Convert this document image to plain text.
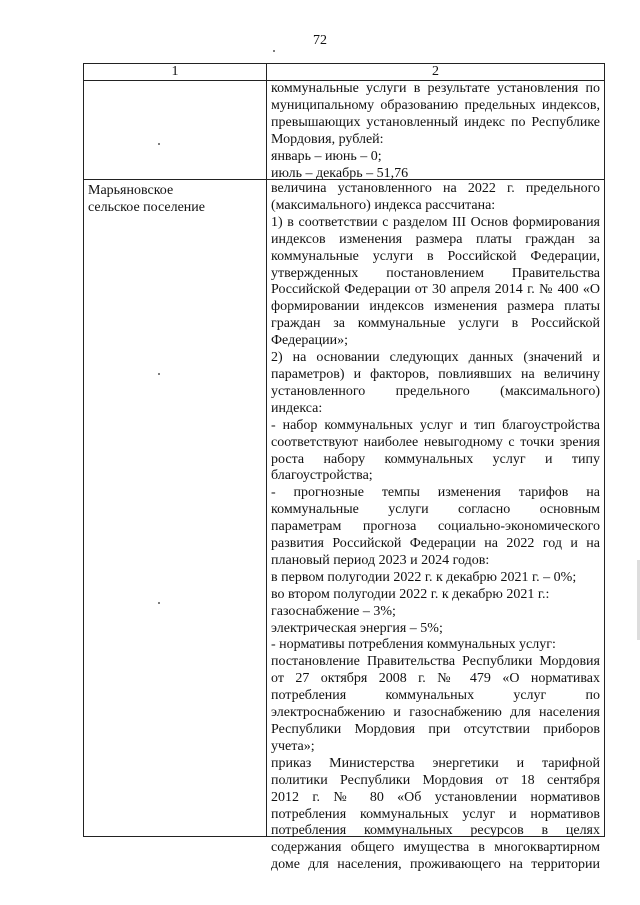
72
1	2
коммунальные услуги в результате установления по
муниципальному образованию предельных индексов,
превышающих установленный индекс по Республике
Мордовия, рублей:
январь – июнь – 0;
июль – декабрь – 51,76
Марьяновское
сельское поселение
величина установленного на 2022 г. предельного
(максимального) индекса рассчитана:
1) в соответствии с разделом III Основ формирования
индексов изменения размера платы граждан за
коммунальные услуги в Российской Федерации,
утвержденных постановлением Правительства
Российской Федерации от 30 апреля 2014 г. № 400 «О
формировании индексов изменения размера платы
граждан за коммунальные услуги в Российской
Федерации»;
2) на основании следующих данных (значений и
параметров) и факторов, повлиявших на величину
установленного предельного (максимального)
индекса:
- набор коммунальных услуг и тип благоустройства
соответствуют наиболее невыгодному с точки зрения
роста набору коммунальных услуг и типу
благоустройства;
- прогнозные темпы изменения тарифов на
коммунальные услуги согласно основным
параметрам прогноза социально-экономического
развития Российской Федерации на 2022 год и на
плановый период 2023 и 2024 годов:
в первом полугодии 2022 г. к декабрю 2021 г. – 0%;
во втором полугодии 2022 г. к декабрю 2021 г.:
газоснабжение – 3%;
электрическая энергия – 5%;
- нормативы потребления коммунальных услуг:
постановление Правительства Республики Мордовия
от 27 октября 2008 г. № 479 «О нормативах
потребления коммунальных услуг по
электроснабжению и газоснабжению для населения
Республики Мордовия при отсутствии приборов
учета»;
приказ Министерства энергетики и тарифной
политики Республики Мордовия от 18 сентября
2012 г. № 80 «Об установлении нормативов
потребления коммунальных услуг и нормативов
потребления коммунальных ресурсов в целях
содержания общего имущества в многоквартирном
доме для населения, проживающего на территории
